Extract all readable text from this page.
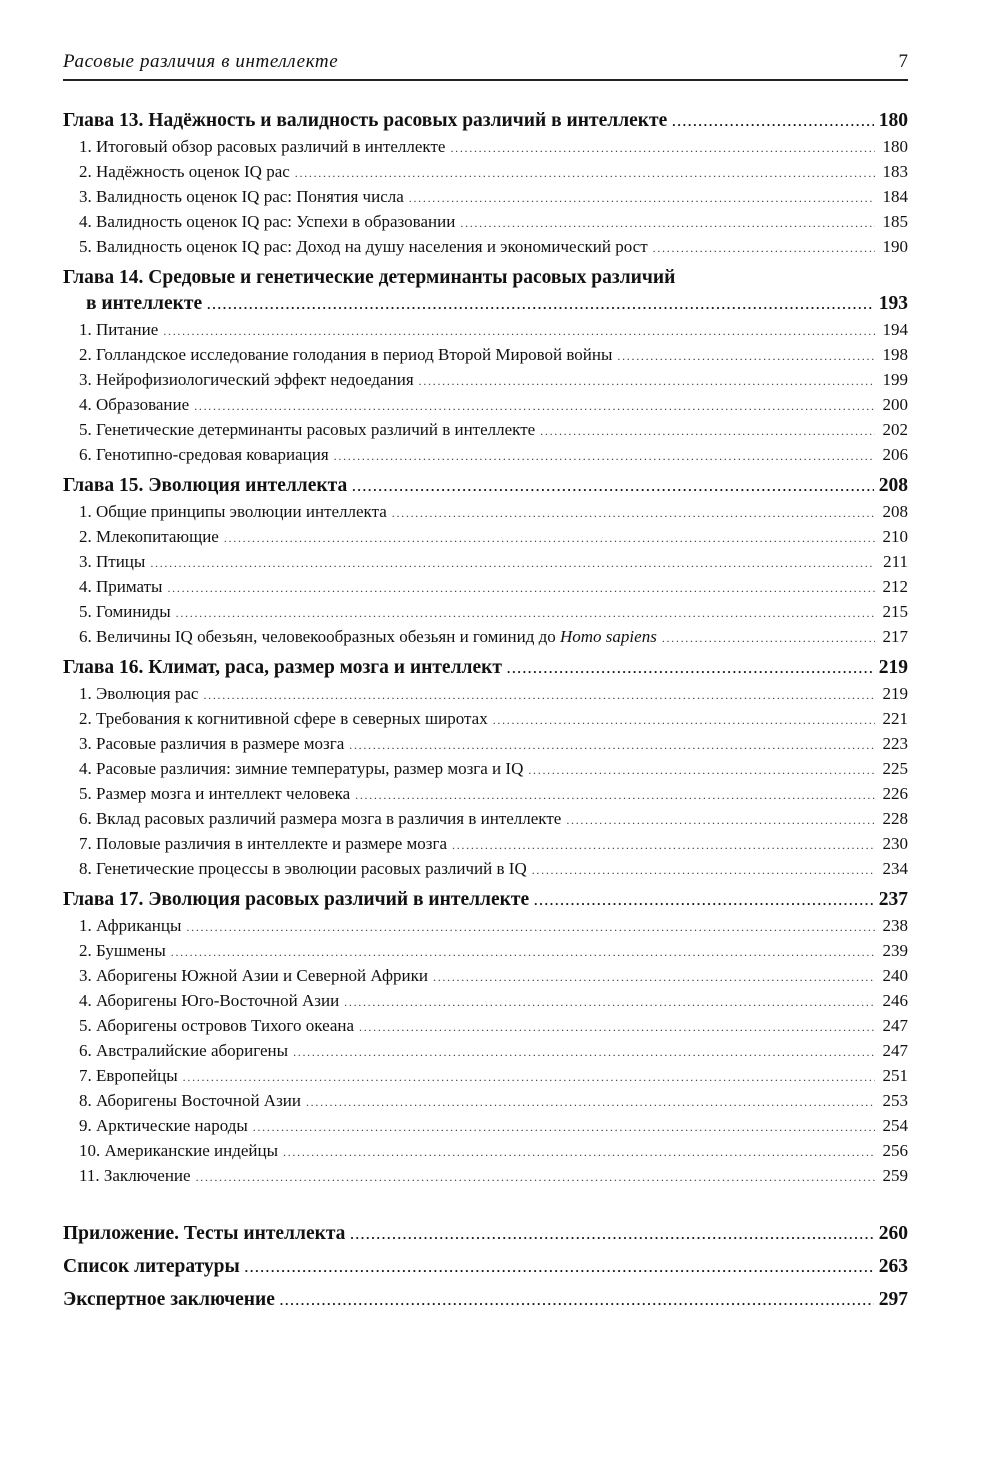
Расовые различия в интеллекте	7
Глава 13. Надёжность и валидность расовых различий в интеллекте .....	180
1. Итоговый обзор расовых различий в интеллекте .....	180
2. Надёжность оценок IQ рас .....	183
3. Валидность оценок IQ рас: Понятия числа .....	184
4. Валидность оценок IQ рас: Успехи в образовании .....	185
5. Валидность оценок IQ рас: Доход на душу населения и экономический рост .....	190
Глава 14. Средовые и генетические детерминанты расовых различий
в интеллекте .....	193
1. Питание .....	194
2. Голландское исследование голодания в период Второй Мировой войны .....	198
3. Нейрофизиологический эффект недоедания .....	199
4. Образование .....	200
5. Генетические детерминанты расовых различий в интеллекте .....	202
6. Генотипно-средовая ковариация .....	206
Глава 15. Эволюция интеллекта .....	208
1. Общие принципы эволюции интеллекта .....	208
2. Млекопитающие .....	210
3. Птицы .....	211
4. Приматы .....	212
5. Гоминиды .....	215
6. Величины IQ обезьян, человекообразных обезьян и гоминид до Homo sapiens .....	217
Глава 16. Климат, раса, размер мозга и интеллект .....	219
1. Эволюция рас .....	219
2. Требования к когнитивной сфере в северных широтах .....	221
3. Расовые различия в размере мозга .....	223
4. Расовые различия: зимние температуры, размер мозга и IQ .....	225
5. Размер мозга и интеллект человека .....	226
6. Вклад расовых различий размера мозга в различия в интеллекте .....	228
7. Половые различия в интеллекте и размере мозга .....	230
8. Генетические процессы в эволюции расовых различий в IQ .....	234
Глава 17. Эволюция расовых различий в интеллекте .....	237
1. Африканцы .....	238
2. Бушмены .....	239
3. Аборигены Южной Азии и Северной Африки .....	240
4. Аборигены Юго-Восточной Азии .....	246
5. Аборигены островов Тихого океана .....	247
6. Австралийские аборигены .....	247
7. Европейцы .....	251
8. Аборигены Восточной Азии .....	253
9. Арктические народы .....	254
10. Американские индейцы .....	256
11. Заключение .....	259
Приложение. Тесты интеллекта .....	260
Список литературы .....	263
Экспертное заключение .....	297
